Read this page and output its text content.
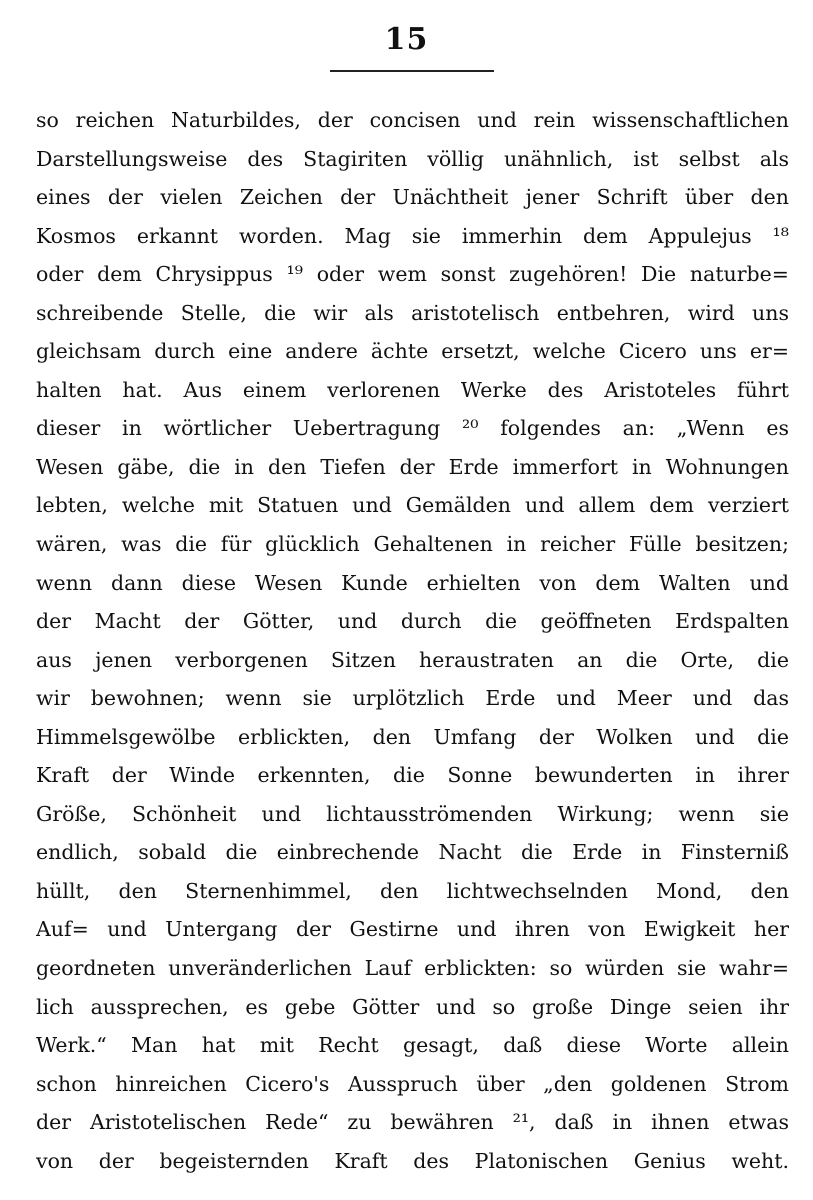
15
so reichen Naturbildes, der concisen und rein wissenschaftlichen
Darstellungsweise des Stagiriten völlig unähnlich, ist selbst als
eines der vielen Zeichen der Unächtheit jener Schrift über den
Kosmos erkannt worden. Mag sie immerhin dem Appulejus ¹⁸
oder dem Chrysippus ¹⁹ oder wem sonst zugehören! Die naturbe=
schreibende Stelle, die wir als aristotelisch entbehren, wird uns
gleichsam durch eine andere ächte ersetzt, welche Cicero uns er=
halten hat. Aus einem verlorenen Werke des Aristoteles führt
dieser in wörtlicher Uebertragung ²⁰ folgendes an: „Wenn es
Wesen gäbe, die in den Tiefen der Erde immerfort in Wohnungen
lebten, welche mit Statuen und Gemälden und allem dem verziert
wären, was die für glücklich Gehaltenen in reicher Fülle besitzen;
wenn dann diese Wesen Kunde erhielten von dem Walten und
der Macht der Götter, und durch die geöffneten Erdspalten
aus jenen verborgenen Sitzen heraustraten an die Orte, die
wir bewohnen; wenn sie urplötzlich Erde und Meer und das
Himmelsgewölbe erblickten, den Umfang der Wolken und die
Kraft der Winde erkennten, die Sonne bewunderten in ihrer
Größe, Schönheit und lichtausströmenden Wirkung; wenn sie
endlich, sobald die einbrechende Nacht die Erde in Finsterniß
hüllt, den Sternenhimmel, den lichtwechselnden Mond, den
Auf= und Untergang der Gestirne und ihren von Ewigkeit her
geordneten unveränderlichen Lauf erblickten: so würden sie wahr=
lich aussprechen, es gebe Götter und so große Dinge seien ihr
Werk.“ Man hat mit Recht gesagt, daß diese Worte allein
schon hinreichen Cicero's Ausspruch über „den goldenen Strom
der Aristotelischen Rede“ zu bewähren ²¹, daß in ihnen etwas
von der begeisternden Kraft des Platonischen Genius weht.
